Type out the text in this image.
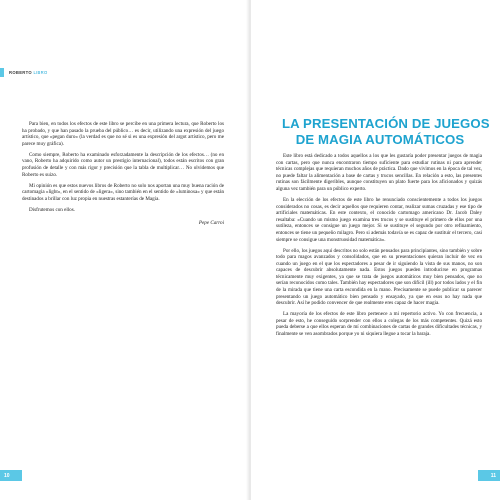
ROBERTO LIBRO

Para bien, en todos los efectos de este libro se percibe en una primera lectura, que Roberto los ha probado, y que han pasado la prueba del público… es decir, utilizando una expresión del juego artístico, que «pegan duro» (la verdad es que no sé si es una expresión del argot artístico, pero me parece muy gráfica).

Como siempre, Roberto ha examinado esforzadamente la descripción de los efectos… (no en vano, Roberto ha adquirido como autor un prestigio internacional), todos están escritos con gran profusión de detalle y con más rigor y precisión que la tabla de multiplicar… No olvidemos que Roberto es suizo.

Mi opinión es que estos nuevos libros de Roberto no solo nos aportan una muy buena ración de cartomagia «light», en el sentido de «ligera», sino también en el sentido de «luminosa» y que están destinados a brillar con luz propia en nuestras estanterías de Magia.

Disfrutemos con ellos.

Pepe Carroi

10	11
LA PRESENTACIÓN DE JUEGOS
DE MAGIA AUTOMÁTICOS

Este libro está dedicado a todos aquellos a los que les gustaría poder presentar juegos de magia con cartas, pero que nunca encontraron tiempo suficiente para estudiar rutinas ni para aprender técnicas complejas que requieran muchos años de práctica. Dado que vivimos en la época de tal vez, no puede faltar la alimentación a base de cartas y trucos sencillas. En relación a esto, las presentes rutinas son fácilmente digeribles, aunque constituyen un plato fuerte para los aficionados y quizás alguna vez también para un público experto.

En la elección de los efectos de este libro he renunciado conscientemente a todos los juegos considerados no cosas, es decir aquellos que requieren contar, realizar sumas cruzadas y ese tipo de artificiales matemáticas. En este contexto, el conocido cartomago americano Dr. Jacob Daley resaltaba: «Cuando un mismo juego examina tres trucos y se sustituye el primero de ellos por una sutileza, entonces se consigue un juego mejor. Si se sustituye el segundo por otro refinamiento, entonces se tiene un pequeño milagro. Pero si además todavía se es capaz de sustituir el tercero, casi siempre se consigue una monstruosidad matemática».

Por ello, los juegos aquí descritos no solo están pensados para principiantes, sino también y sobre todo para magos avanzados y consolidados, que en su presentaciones quieran incluir de vez en cuando un juego en el que los espectadores a pesar de ir siguiendo la vista de sus manos, no son capaces de descubrir absolutamente nada. Estos juegos pueden introducirse en programas técnicamente muy exigentes, ya que se trata de juegos automáticos muy bien pensados, que no serían reconocidos como tales. También hay espectadores que son difícil (ill) por todos lados y el fin de la mirada que tiene una carta escondida en la mano. Precisamente se puede publicar su parecer presentando un juego automático bien pensado y ensayado, ya que en esos no hay nada que descubrir. Así he podido convencer de que realmente eres capaz de hacer magia.

La mayoría de los efectos de este libro pertenece a mi repertorio activo. Yo con frecuencia, a pesar de esto, he conseguido sorprender con ellos a colegas de los más competentes. Quizá esto pueda deberse a que ellos esperan de mí combinaciones de cartas de grandes dificultades técnicas, y finalmente se ven asombrados porque yo ni siquiera llegue a tocar la baraja.
